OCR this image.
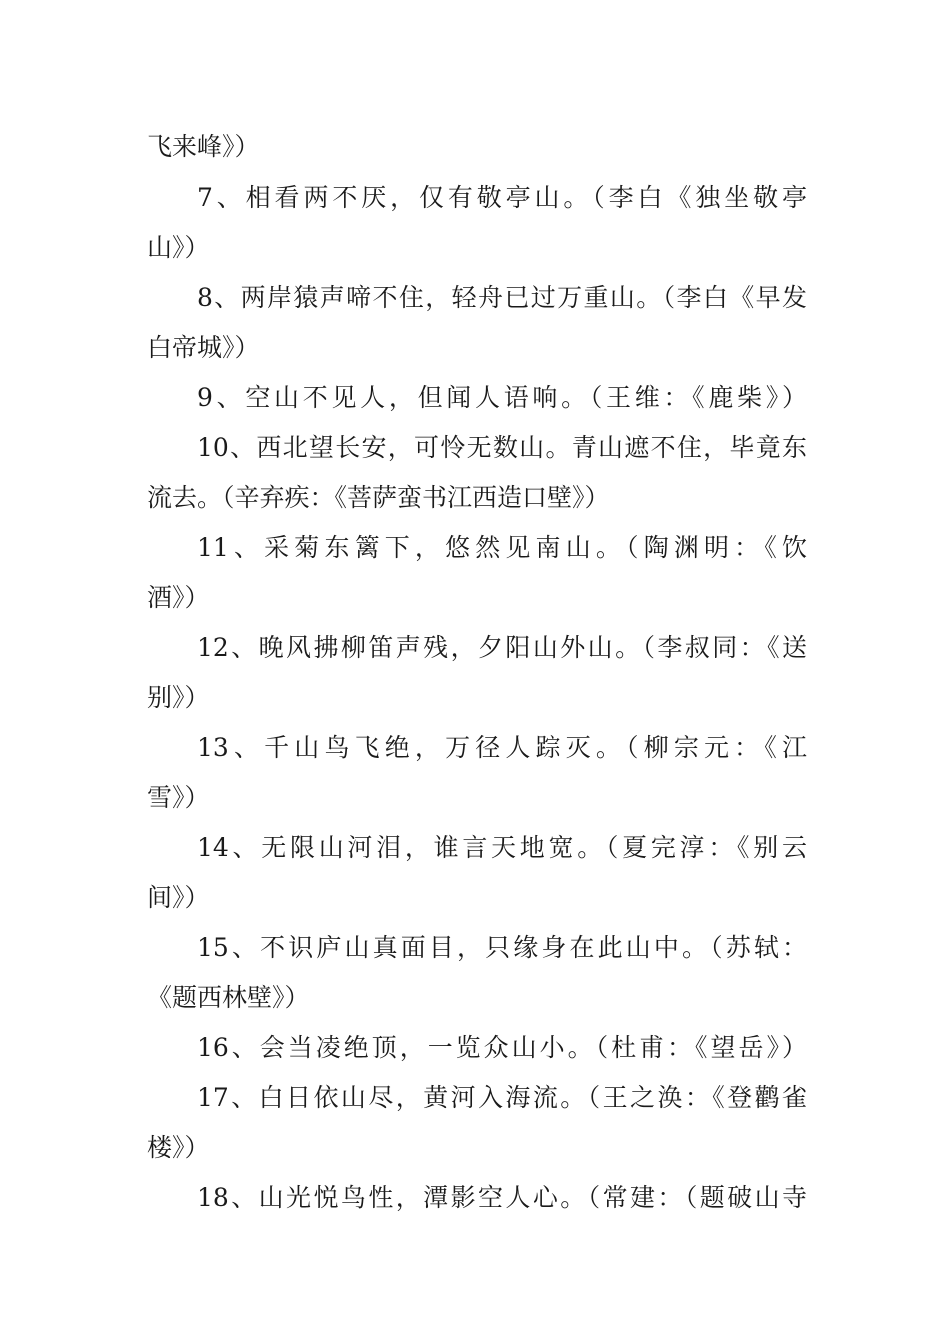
飞来峰》）
7、相看两不厌，仅有敬亭山。（李白《独坐敬亭
山》）
8、两岸猿声啼不住，轻舟已过万重山。（李白《早发
白帝城》）
9、空山不见人，但闻人语响。（王维：《鹿柴》）
10、西北望长安，可怜无数山。青山遮不住，毕竟东
流去。（辛弃疾：《菩萨蛮书江西造口壁》）
11、采菊东篱下，悠然见南山。（陶渊明：《饮
酒》）
12、晚风拂柳笛声残，夕阳山外山。（李叔同：《送
别》）
13、千山鸟飞绝，万径人踪灭。（柳宗元：《江
雪》）
14、无限山河泪，谁言天地宽。（夏完淳：《别云
间》）
15、不识庐山真面目，只缘身在此山中。（苏轼：
《题西林壁》）
16、会当凌绝顶，一览众山小。（杜甫：《望岳》）
17、白日依山尽，黄河入海流。（王之涣：《登鹳雀
楼》）
18、山光悦鸟性，潭影空人心。（常建：（题破山寺
